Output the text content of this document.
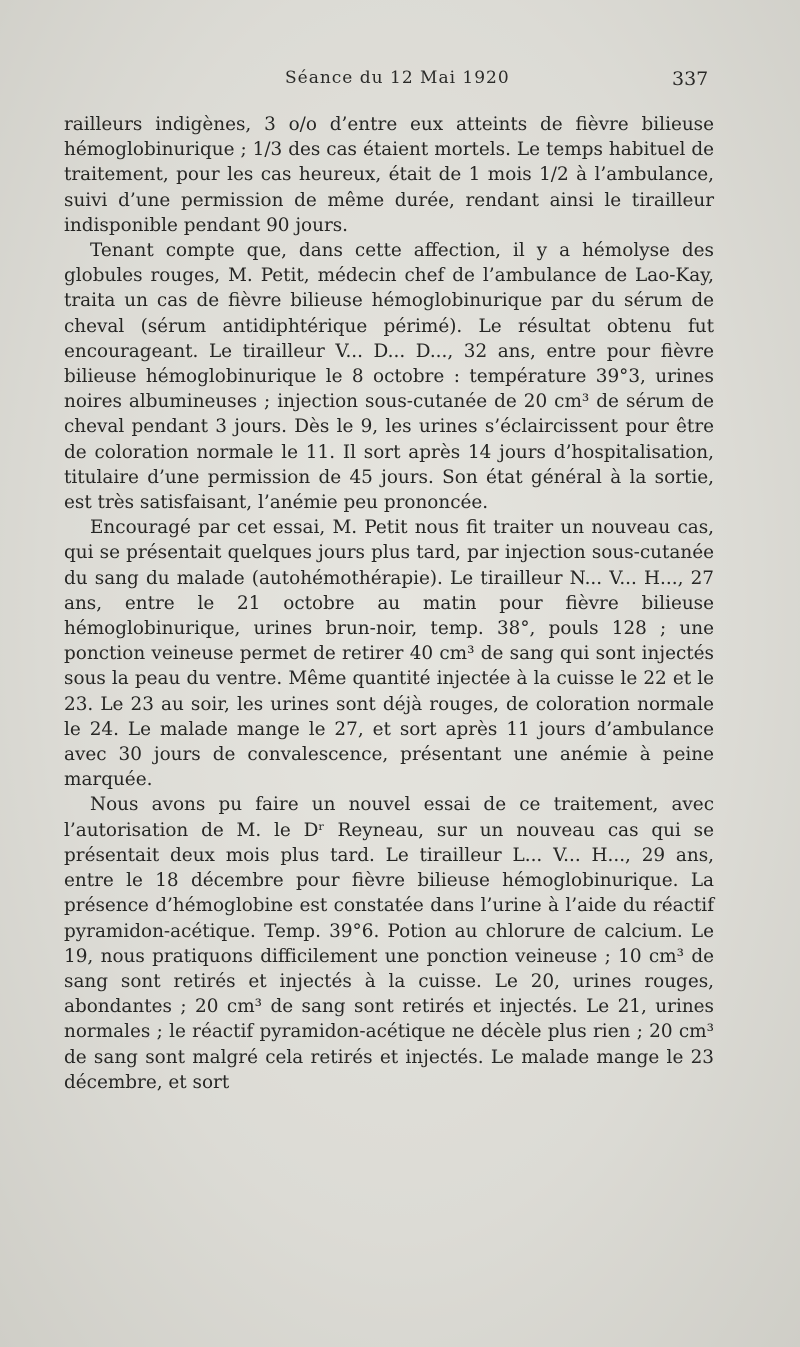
Séance du 12 Mai 1920	337

railleurs indigènes, 3 o/o d’entre eux atteints de fièvre bilieuse hémoglobinurique ; 1/3 des cas étaient mortels. Le temps habituel de traitement, pour les cas heureux, était de 1 mois 1/2 à l’ambulance, suivi d’une permission de même durée, rendant ainsi le tirailleur indisponible pendant 90 jours.

Tenant compte que, dans cette affection, il y a hémolyse des globules rouges, M. Petit, médecin chef de l’ambulance de Lao-Kay, traita un cas de fièvre bilieuse hémoglobinurique par du sérum de cheval (sérum antidiphtérique périmé). Le résultat obtenu fut encourageant. Le tirailleur V... D... D..., 32 ans, entre pour fièvre bilieuse hémoglobinurique le 8 octobre : température 39°3, urines noires albumineuses ; injection sous-cutanée de 20 cm³ de sérum de cheval pendant 3 jours. Dès le 9, les urines s’éclaircissent pour être de coloration normale le 11. Il sort après 14 jours d’hospitalisation, titulaire d’une permission de 45 jours. Son état général à la sortie, est très satisfaisant, l’anémie peu prononcée.

Encouragé par cet essai, M. Petit nous fit traiter un nouveau cas, qui se présentait quelques jours plus tard, par injection sous-cutanée du sang du malade (autohémothérapie). Le tirailleur N... V... H..., 27 ans, entre le 21 octobre au matin pour fièvre bilieuse hémoglobinurique, urines brun-noir, temp. 38°, pouls 128 ; une ponction veineuse permet de retirer 40 cm³ de sang qui sont injectés sous la peau du ventre. Même quantité injectée à la cuisse le 22 et le 23. Le 23 au soir, les urines sont déjà rouges, de coloration normale le 24. Le malade mange le 27, et sort après 11 jours d’ambulance avec 30 jours de convalescence, présentant une anémie à peine marquée.

Nous avons pu faire un nouvel essai de ce traitement, avec l’autorisation de M. le Dʳ Reyneau, sur un nouveau cas qui se présentait deux mois plus tard. Le tirailleur L... V... H..., 29 ans, entre le 18 décembre pour fièvre bilieuse hémoglobinurique. La présence d’hémoglobine est constatée dans l’urine à l’aide du réactif pyramidon-acétique. Temp. 39°6. Potion au chlorure de calcium. Le 19, nous pratiquons difficilement une ponction veineuse ; 10 cm³ de sang sont retirés et injectés à la cuisse. Le 20, urines rouges, abondantes ; 20 cm³ de sang sont retirés et injectés. Le 21, urines normales ; le réactif pyramidon-acétique ne décèle plus rien ; 20 cm³ de sang sont malgré cela retirés et injectés. Le malade mange le 23 décembre, et sort
